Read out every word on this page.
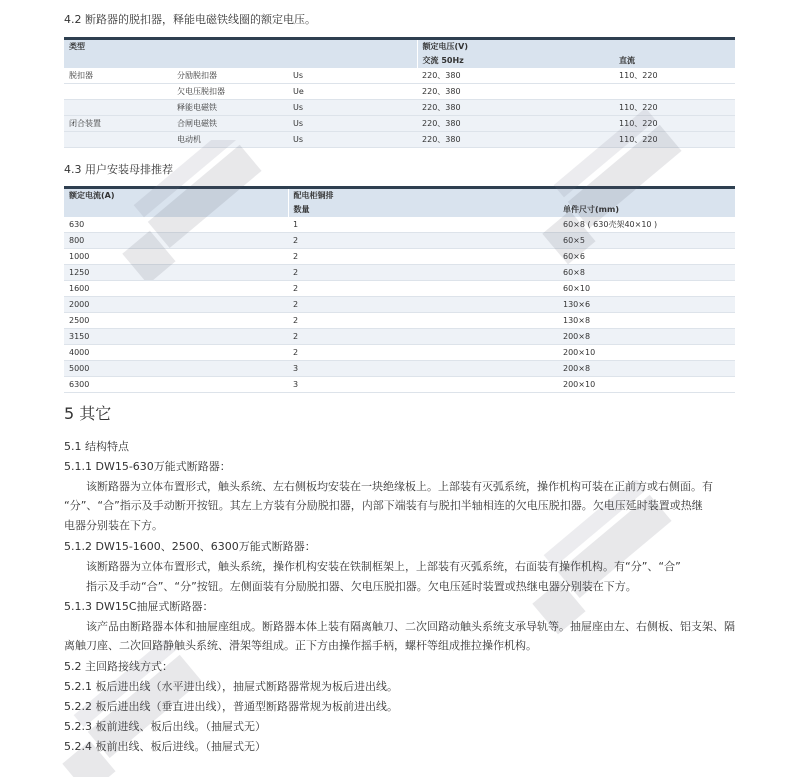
4.2 断路器的脱扣器，释能电磁铁线圈的额定电压。
类型			额定电压(V)	
			交流 50Hz	直流
脱扣器	分励脱扣器	Us	220、380	110、220
	欠电压脱扣器	Ue	220、380	
	释能电磁铁	Us	220、380	110、220
闭合装置	合闸电磁铁	Us	220、380	110、220
	电动机	Us	220、380	110、220
4.3 用户安装母排推荐
额定电流(A)	配电柜铜排	
	数量	单件尺寸(mm)
630	1	60×8 ( 630壳架40×10 )
800	2	60×5
1000	2	60×6
1250	2	60×8
1600	2	60×10
2000	2	130×6
2500	2	130×8
3150	2	200×8
4000	2	200×10
5000	3	200×8
6300	3	200×10
5 其它
5.1 结构特点
5.1.1 DW15-630万能式断路器：
该断路器为立体布置形式，触头系统、左右侧板均安装在一块绝缘板上。上部装有灭弧系统，操作机构可装在正前方或右侧面。有
“分”、“合”指示及手动断开按钮。其左上方装有分励脱扣器，内部下端装有与脱扣半轴相连的欠电压脱扣器。欠电压延时装置或热继
电器分别装在下方。
5.1.2 DW15-1600、2500、6300万能式断路器：
该断路器为立体布置形式，触头系统，操作机构安装在铁制框架上，上部装有灭弧系统，右面装有操作机构。有“分”、“合”
指示及手动“合”、“分”按钮。左侧面装有分励脱扣器、欠电压脱扣器。欠电压延时装置或热继电器分别装在下方。
5.1.3 DW15C抽屉式断路器：
该产品由断路器本体和抽屉座组成。断路器本体上装有隔离触刀、二次回路动触头系统支承导轨等。抽屉座由左、右侧板、铝支架、隔
离触刀座、二次回路静触头系统、滑架等组成。正下方由操作摇手柄，螺杆等组成推拉操作机构。
5.2 主回路接线方式：
5.2.1 板后进出线（水平进出线），抽屉式断路器常规为板后进出线。
5.2.2 板后进出线（垂直进出线），普通型断路器常规为板前进出线。
5.2.3 板前进线、板后出线。（抽屉式无）
5.2.4 板前出线、板后进线。（抽屉式无）
